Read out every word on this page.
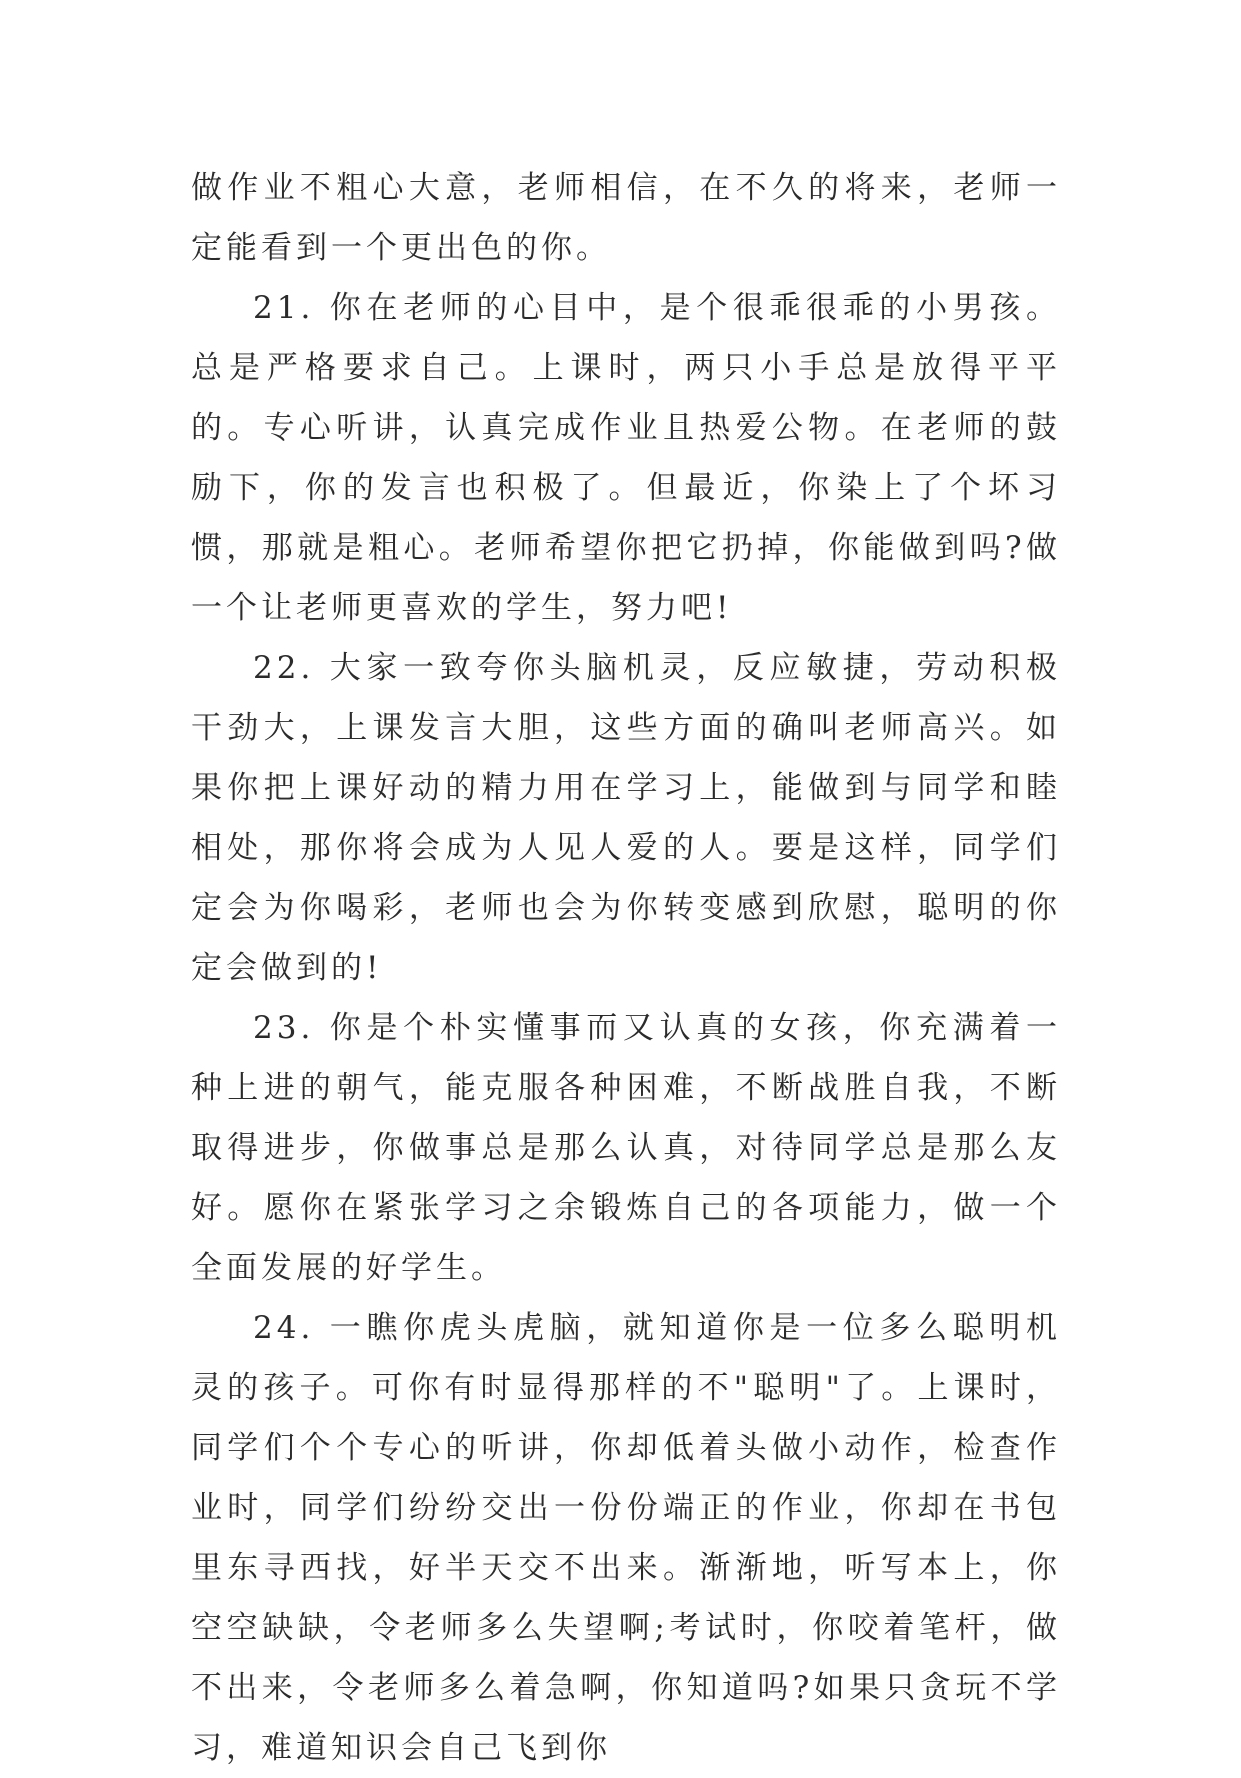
做作业不粗心大意，老师相信，在不久的将来，老师一定能看到一个更出色的你。

21. 你在老师的心目中，是个很乖很乖的小男孩。总是严格要求自己。上课时，两只小手总是放得平平的。专心听讲，认真完成作业且热爱公物。在老师的鼓励下，你的发言也积极了。但最近，你染上了个坏习惯，那就是粗心。老师希望你把它扔掉，你能做到吗?做一个让老师更喜欢的学生，努力吧!

22. 大家一致夸你头脑机灵，反应敏捷，劳动积极干劲大，上课发言大胆，这些方面的确叫老师高兴。如果你把上课好动的精力用在学习上，能做到与同学和睦相处，那你将会成为人见人爱的人。要是这样，同学们定会为你喝彩，老师也会为你转变感到欣慰，聪明的你定会做到的!

23. 你是个朴实懂事而又认真的女孩，你充满着一种上进的朝气，能克服各种困难，不断战胜自我，不断取得进步，你做事总是那么认真，对待同学总是那么友好。愿你在紧张学习之余锻炼自己的各项能力，做一个全面发展的好学生。

24. 一瞧你虎头虎脑，就知道你是一位多么聪明机灵的孩子。可你有时显得那样的不"聪明"了。上课时，同学们个个专心的听讲，你却低着头做小动作，检查作业时，同学们纷纷交出一份份端正的作业，你却在书包里东寻西找，好半天交不出来。渐渐地，听写本上，你空空缺缺，令老师多么失望啊;考试时，你咬着笔杆，做不出来，令老师多么着急啊，你知道吗?如果只贪玩不学习，难道知识会自己飞到你
